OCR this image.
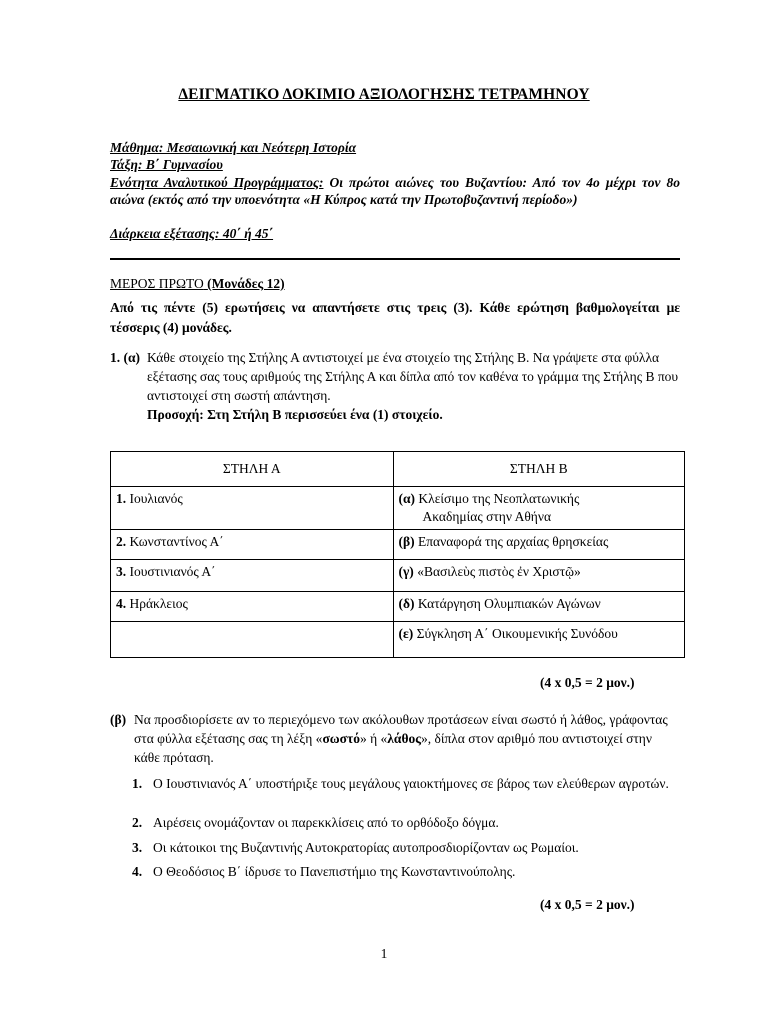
ΔΕΙΓΜΑΤΙΚΟ ΔΟΚΙΜΙΟ ΑΞΙΟΛΟΓΗΣΗΣ ΤΕΤΡΑΜΗΝΟΥ
Μάθημα: Μεσαιωνική και Νεότερη Ιστορία
Τάξη: Β΄ Γυμνασίου
Ενότητα Αναλυτικού Προγράμματος: Οι πρώτοι αιώνες του Βυζαντίου: Από τον 4ο μέχρι τον 8ο αιώνα (εκτός από την υποενότητα «Η Κύπρος κατά την Πρωτοβυζαντινή περίοδο»)
Διάρκεια εξέτασης: 40΄ ή 45΄
ΜΕΡΟΣ ΠΡΩΤΟ (Μονάδες 12)
Από τις πέντε (5) ερωτήσεις να απαντήσετε στις τρεις (3). Κάθε ερώτηση βαθμολογείται με τέσσερις (4) μονάδες.
1. (α) Κάθε στοιχείο της Στήλης Α αντιστοιχεί με ένα στοιχείο της Στήλης Β. Να γράψετε στα φύλλα εξέτασης σας τους αριθμούς της Στήλης Α και δίπλα από τον καθένα το γράμμα της Στήλης Β που αντιστοιχεί στη σωστή απάντηση.
Προσοχή: Στη Στήλη Β περισσεύει ένα (1) στοιχείο.
ΣΤΗΛΗ Α	ΣΤΗΛΗ Β
1. Ιουλιανός	(α) Κλείσιμο της Νεοπλατωνικής
Ακαδημίας στην Αθήνα
2. Κωνσταντίνος Α΄	(β) Επαναφορά της αρχαίας θρησκείας
3. Ιουστινιανός Α΄	(γ) «Βασιλεὺς πιστὸς ἐν Χριστῷ»
4. Ηράκλειος	(δ) Κατάργηση Ολυμπιακών Αγώνων
	(ε) Σύγκληση Α΄ Οικουμενικής Συνόδου
(4 x 0,5 = 2 μον.)
(β) Να προσδιορίσετε αν το περιεχόμενο των ακόλουθων προτάσεων είναι σωστό ή λάθος, γράφοντας στα φύλλα εξέτασης σας τη λέξη «σωστό» ή «λάθος», δίπλα στον αριθμό που αντιστοιχεί στην κάθε πρόταση.
1. Ο Ιουστινιανός Α΄ υποστήριξε τους μεγάλους γαιοκτήμονες σε βάρος των ελεύθερων αγροτών.
2. Αιρέσεις ονομάζονταν οι παρεκκλίσεις από το ορθόδοξο δόγμα.
3. Οι κάτοικοι της Βυζαντινής Αυτοκρατορίας αυτοπροσδιορίζονταν ως Ρωμαίοι.
4. Ο Θεοδόσιος Β΄ ίδρυσε το Πανεπιστήμιο της Κωνσταντινούπολης.
(4 x 0,5 = 2 μον.)
1
